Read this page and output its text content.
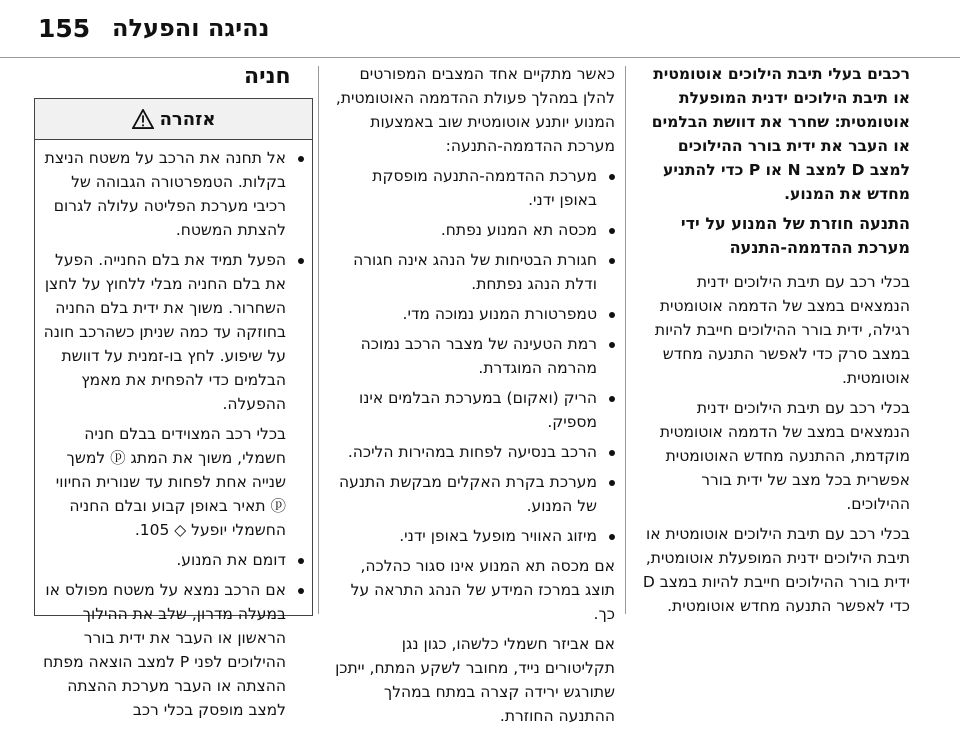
155 נהיגה והפעלה

רכבים בעלי תיבת הילוכים אוטומטית או תיבת הילוכים ידנית המופעלת אוטומטית: שחרר את דוושת הבלמים או העבר את ידית בורר ההילוכים למצב D למצב N או P כדי להתניע מחדש את המנוע.

התנעה חוזרת של המנוע על ידי מערכת ההדממה-התנעה

בכלי רכב עם תיבת הילוכים ידנית הנמצאים במצב של הדממה אוטומטית רגילה, ידית בורר ההילוכים חייבת להיות במצב סרק כדי לאפשר התנעה מחדש אוטומטית.

בכלי רכב עם תיבת הילוכים ידנית הנמצאים במצב של הדממה אוטומטית מוקדמת, ההתנעה מחדש האוטומטית אפשרית בכל מצב של ידית בורר ההילוכים.

בכלי רכב עם תיבת הילוכים אוטומטית או תיבת הילוכים ידנית המופעלת אוטומטית, ידית בורר ההילוכים חייבת להיות במצב D כדי לאפשר התנעה מחדש אוטומטית.

כאשר מתקיים אחד המצבים המפורטים להלן במהלך פעולת ההדממה האוטומטית, המנוע יותנע אוטומטית שוב באמצעות מערכת ההדממה-התנעה:

מערכת ההדממה-התנעה מופסקת באופן ידני.
מכסה תא המנוע נפתח.
חגורת הבטיחות של הנהג אינה חגורה ודלת הנהג נפתחת.
טמפרטורת המנוע נמוכה מדי.
רמת הטעינה של מצבר הרכב נמוכה מהרמה המוגדרת.
הריק (ואקום) במערכת הבלמים אינו מספיק.
הרכב בנסיעה לפחות במהירות הליכה.
מערכת בקרת האקלים מבקשת התנעה של המנוע.
מיזוג האוויר מופעל באופן ידני.

אם מכסה תא המנוע אינו סגור כהלכה, תוצג במרכז המידע של הנהג התראה על כך.

אם אביזר חשמלי כלשהו, כגון נגן תקליטורים נייד, מחובר לשקע המתח, ייתכן שתורגש ירידה קצרה במתח במהלך ההתנעה החוזרת.

חניה
אזהרה
אל תחנה את הרכב על משטח הניצת בקלות. הטמפרטורה הגבוהה של רכיבי מערכת הפליטה עלולה לגרום להצתת המשטח.
הפעל תמיד את בלם החנייה. הפעל את בלם החניה מבלי ללחוץ על לחצן השחרור. משוך את ידית בלם החניה בחוזקה עד כמה שניתן כשהרכב חונה על שיפוע. לחץ בו-זמנית על דוושת הבלמים כדי להפחית את מאמץ ההפעלה.

בכלי רכב המצוידים בבלם חניה חשמלי, משוך את המתג ⓟ למשך שנייה אחת לפחות עד שנורית החיווי ⓟ תאיר באופן קבוע ובלם החניה החשמלי יופעל ◇ 105.

דומם את המנוע.
אם הרכב נמצא על משטח מפולס או במעלה מדרון, שלב את ההילוך הראשון או העבר את ידית בורר ההילוכים לפני P למצב הוצאה מפתח ההצתה או העבר מערכת ההצתה למצב מופסק בכלי רכב
